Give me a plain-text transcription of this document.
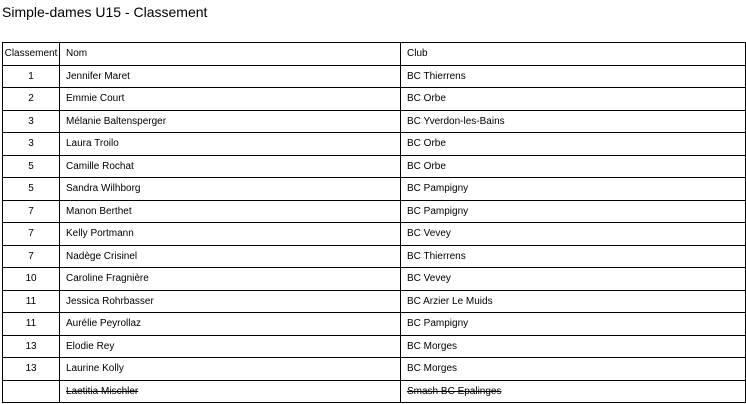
Simple-dames U15 - Classement
Classement	Nom	Club
1	Jennifer Maret	BC Thierrens
2	Emmie Court	BC Orbe
3	Mélanie Baltensperger	BC Yverdon-les-Bains
3	Laura Troilo	BC Orbe
5	Camille Rochat	BC Orbe
5	Sandra Wilhborg	BC Pampigny
7	Manon Berthet	BC Pampigny
7	Kelly Portmann	BC Vevey
7	Nadège Crisinel	BC Thierrens
10	Caroline Fragnière	BC Vevey
11	Jessica Rohrbasser	BC Arzier Le Muids
11	Aurélie Peyrollaz	BC Pampigny
13	Elodie Rey	BC Morges
13	Laurine Kolly	BC Morges
	Laetitia Mischler	Smash BC Epalinges
